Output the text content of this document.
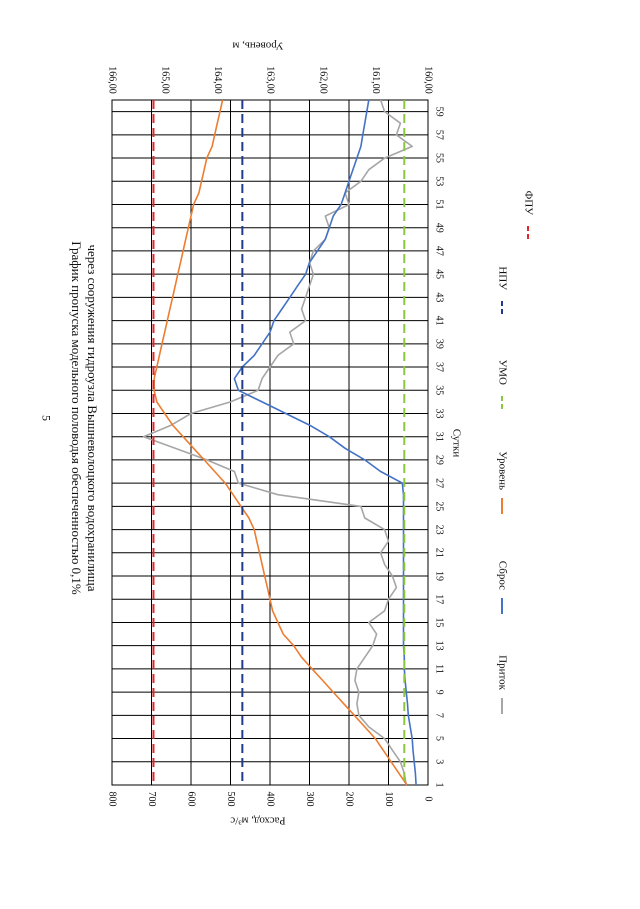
5 График пропуска модельного половодья обеспеченностью 0,1% через сооружения гидроузла Вышневолоцкого водохранилища
0
100
200
300
400
500
600
700
800
Расход, м³/с
160,00
161,00
162,00
163,00
164,00
165,00
166,00
Уровень, м
1
3
5
7
9
11
13
15
17
19
21
23
25
27
29
31
33
35
37
39
41
43
45
47
49
51
53
55
57
59
Сутки
Приток
Сброс
Уровень
УМО
НПУ
ФПУ
